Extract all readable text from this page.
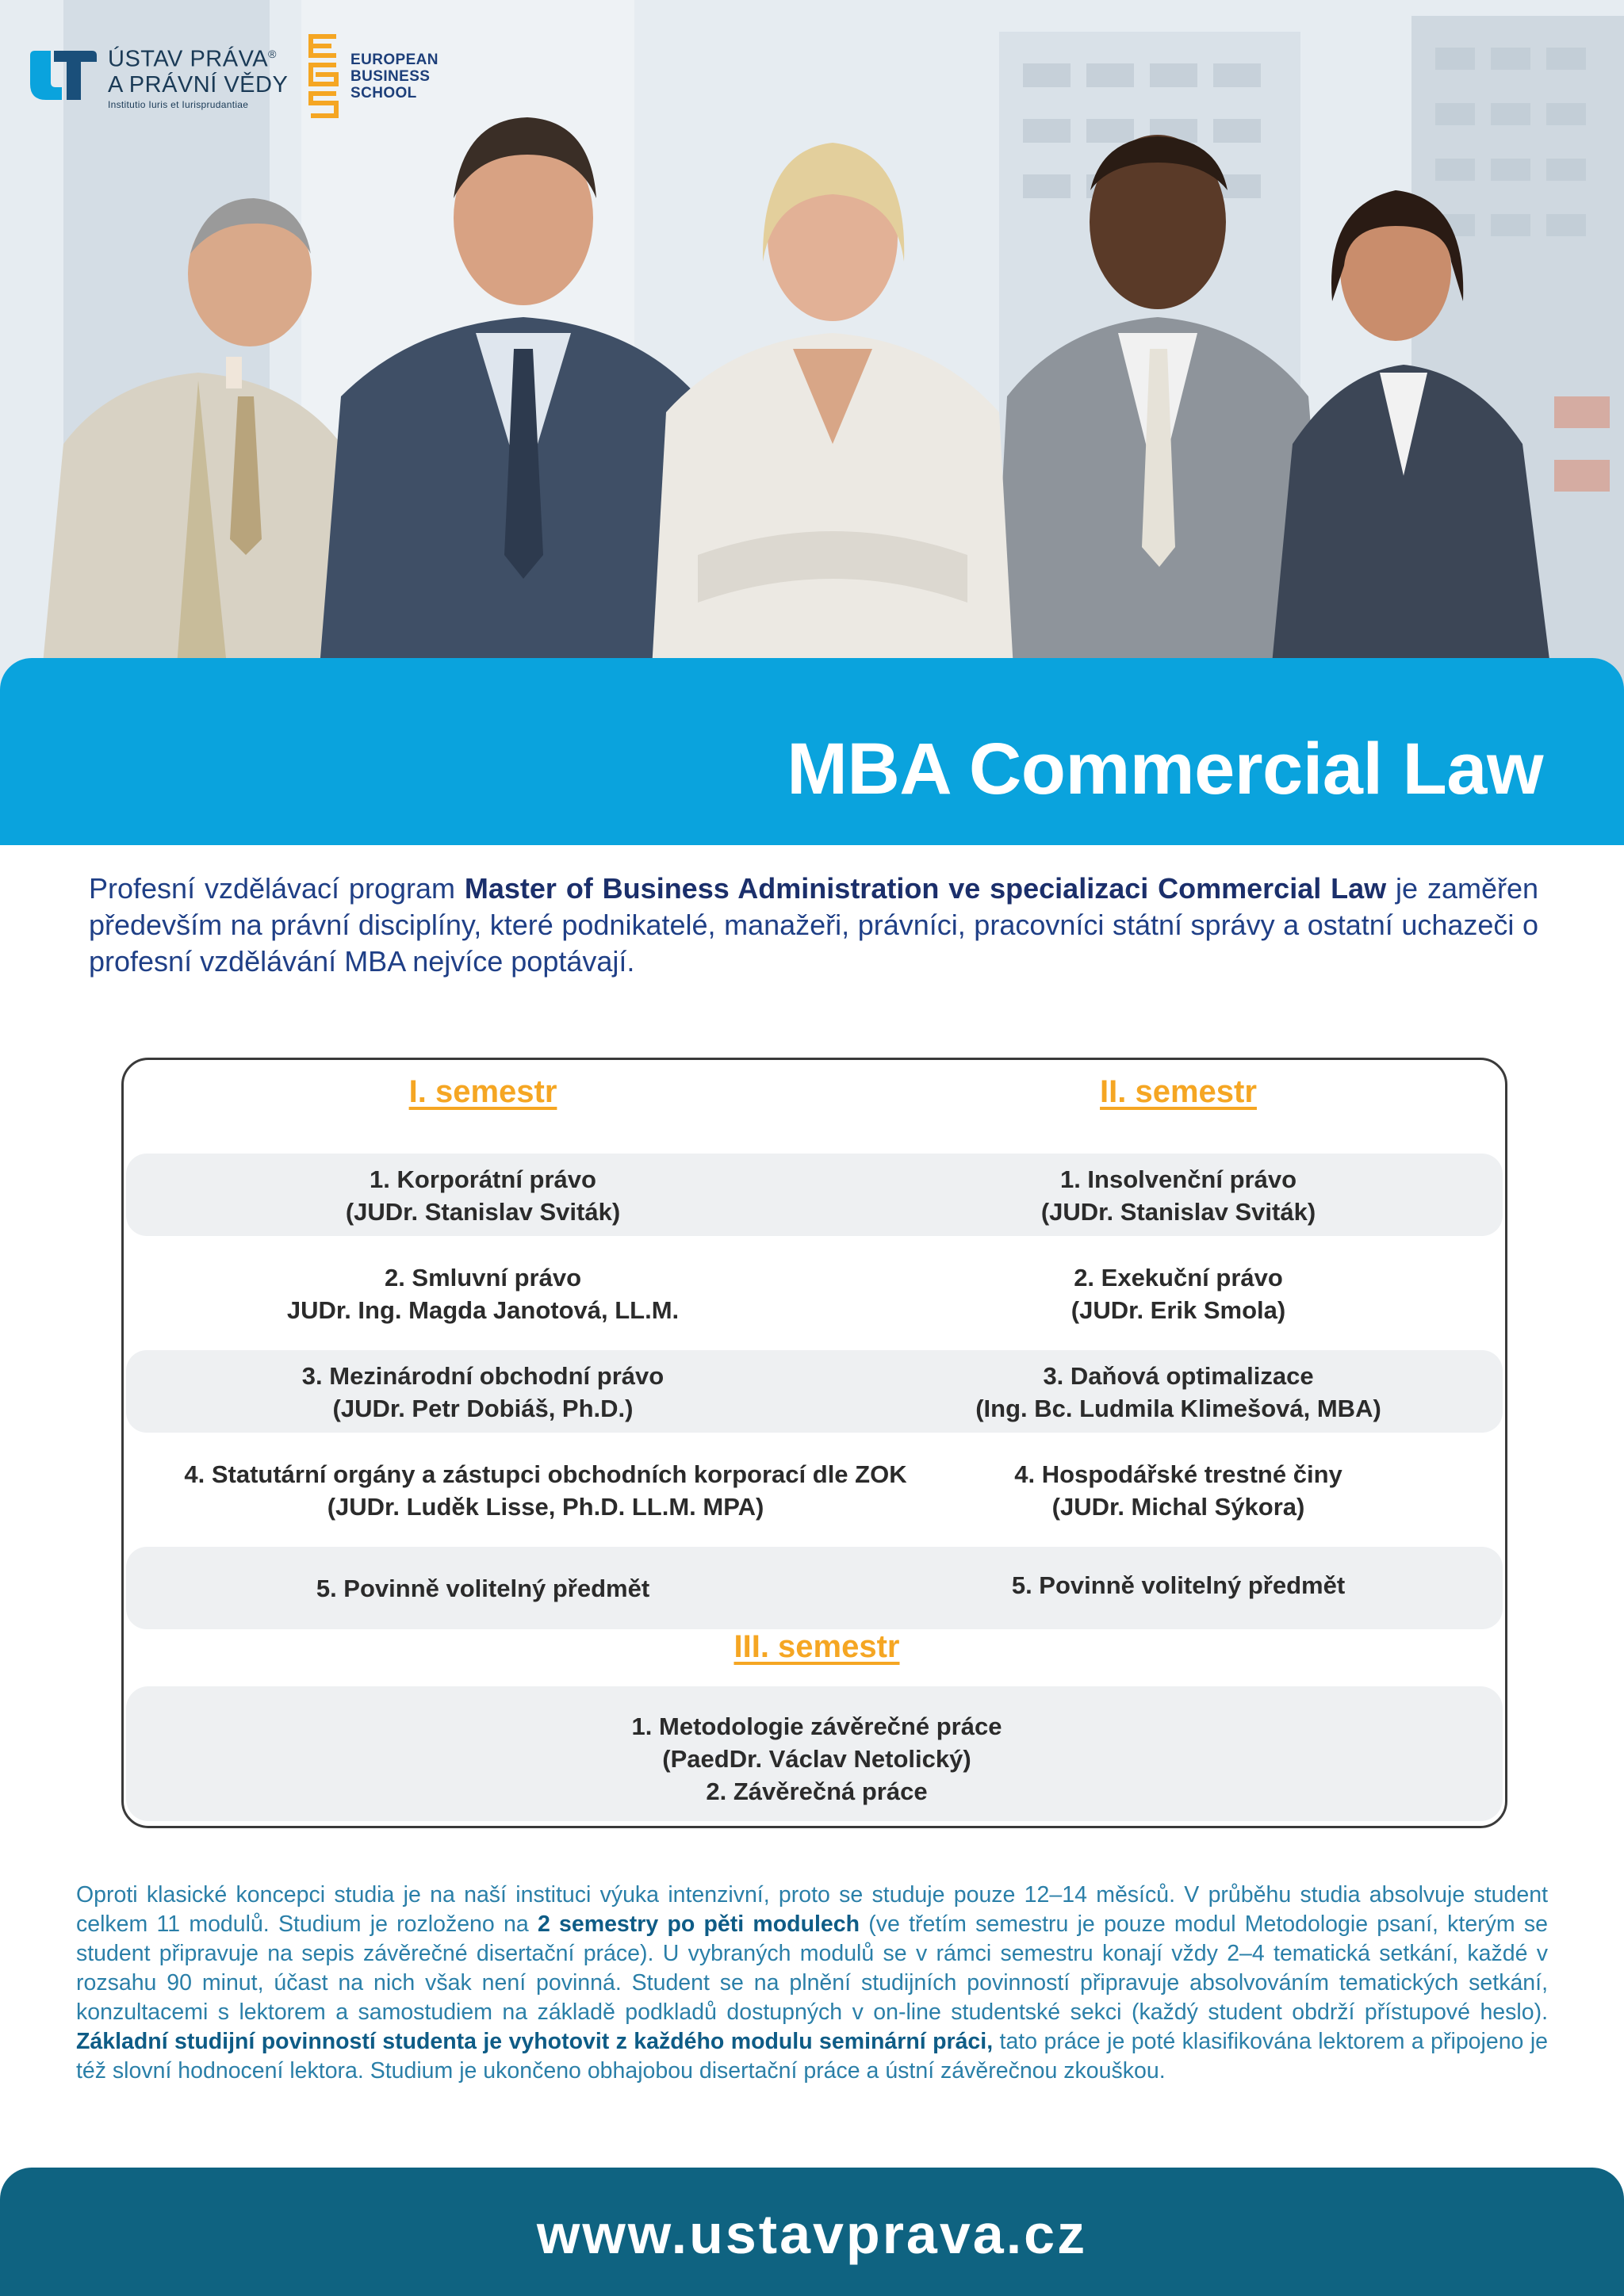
ÚSTAV PRÁVA®
A PRÁVNÍ VĚDY
Institutio Iuris et Iurisprudantiae
EUROPEAN
BUSINESS
SCHOOL
MBA Commercial Law

Profesní vzdělávací program Master of Business Administration ve specializaci Commercial Law je zaměřen především na právní disciplíny, které podnikatelé, manažeři, právníci, pracovníci státní správy a ostatní uchazeči o profesní vzdělávání MBA nejvíce poptávají.

I. semestr	II. semestr
1. Korporátní právo
(JUDr. Stanislav Sviták)
2. Smluvní právo
JUDr. Ing. Magda Janotová, LL.M.
3. Mezinárodní obchodní právo
(JUDr. Petr Dobiáš, Ph.D.)
4. Statutární orgány a zástupci obchodních korporací dle ZOK
(JUDr. Luděk Lisse, Ph.D. LL.M. MPA)
5. Povinně volitelný předmět
1. Insolvenční právo
(JUDr. Stanislav Sviták)
2. Exekuční právo
(JUDr. Erik Smola)
3. Daňová optimalizace
(Ing. Bc. Ludmila Klimešová, MBA)
4. Hospodářské trestné činy
(JUDr. Michal Sýkora)
5. Povinně volitelný předmět
III. semestr
1. Metodologie závěrečné práce
(PaedDr. Václav Netolický)
2. Závěrečná práce

Oproti klasické koncepci studia je na naší instituci výuka intenzivní, proto se studuje pouze 12–14 měsíců. V průběhu studia absolvuje student celkem 11 modulů. Studium je rozloženo na 2 semestry po pěti modulech (ve třetím semestru je pouze modul Metodologie psaní, kterým se student připravuje na sepis závěrečné disertační práce). U vybraných modulů se v rámci semestru konají vždy 2–4 tematická setkání, každé v rozsahu 90 minut, účast na nich však není povinná. Student se na plnění studijních povinností připravuje absolvováním tematických setkání, konzultacemi s lektorem a samostudiem na základě podkladů dostupných v on-line studentské sekci (každý student obdrží přístupové heslo). Základní studijní povinností studenta je vyhotovit z každého modulu seminární práci, tato práce je poté klasifikována lektorem a připojeno je též slovní hodnocení lektora. Studium je ukončeno obhajobou disertační práce a ústní závěrečnou zkouškou.

www.ustavprava.cz
